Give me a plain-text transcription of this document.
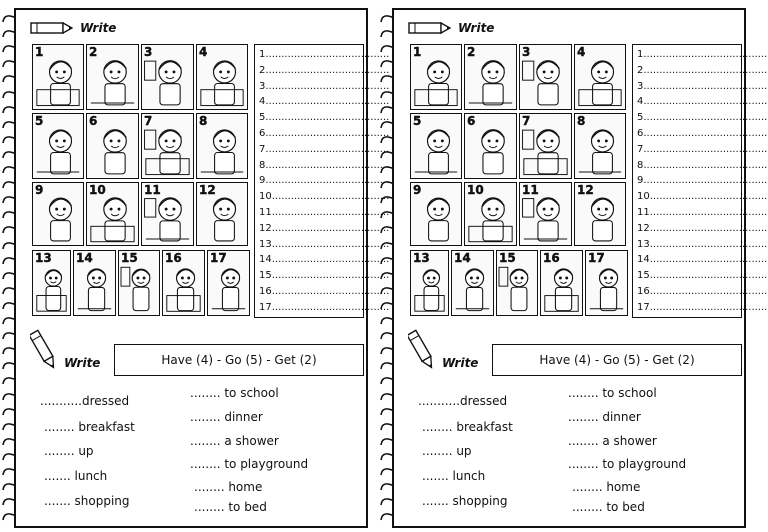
Write
1	2	3	4
5	6	7	8
9	10	11	12
13 14 15 16 17
1.......................................
2.......................................
3.......................................
4.......................................
5.......................................
6.......................................
7.......................................
8.......................................
9.......................................
10.....................................
11.....................................
12.....................................
13.....................................
14.....................................
15.....................................
16.....................................
17.....................................
Write	Have (4) - Go (5) - Get (2)
...........dressed
........ breakfast
........ up
....... lunch
....... shopping
........ to school
........ dinner
........ a shower
........ to playground
........ home
........ to bed
Write
1	2	3	4
5	6	7	8
9	10	11	12
13 14 15 16 17
1.......................................
2.......................................
3.......................................
4.......................................
5.......................................
6.......................................
7.......................................
8.......................................
9.......................................
10.....................................
11.....................................
12.....................................
13.....................................
14.....................................
15.....................................
16.....................................
17.....................................
Write	Have (4) - Go (5) - Get (2)
...........dressed
........ breakfast
........ up
....... lunch
....... shopping
........ to school
........ dinner
........ a shower
........ to playground
........ home
........ to bed
